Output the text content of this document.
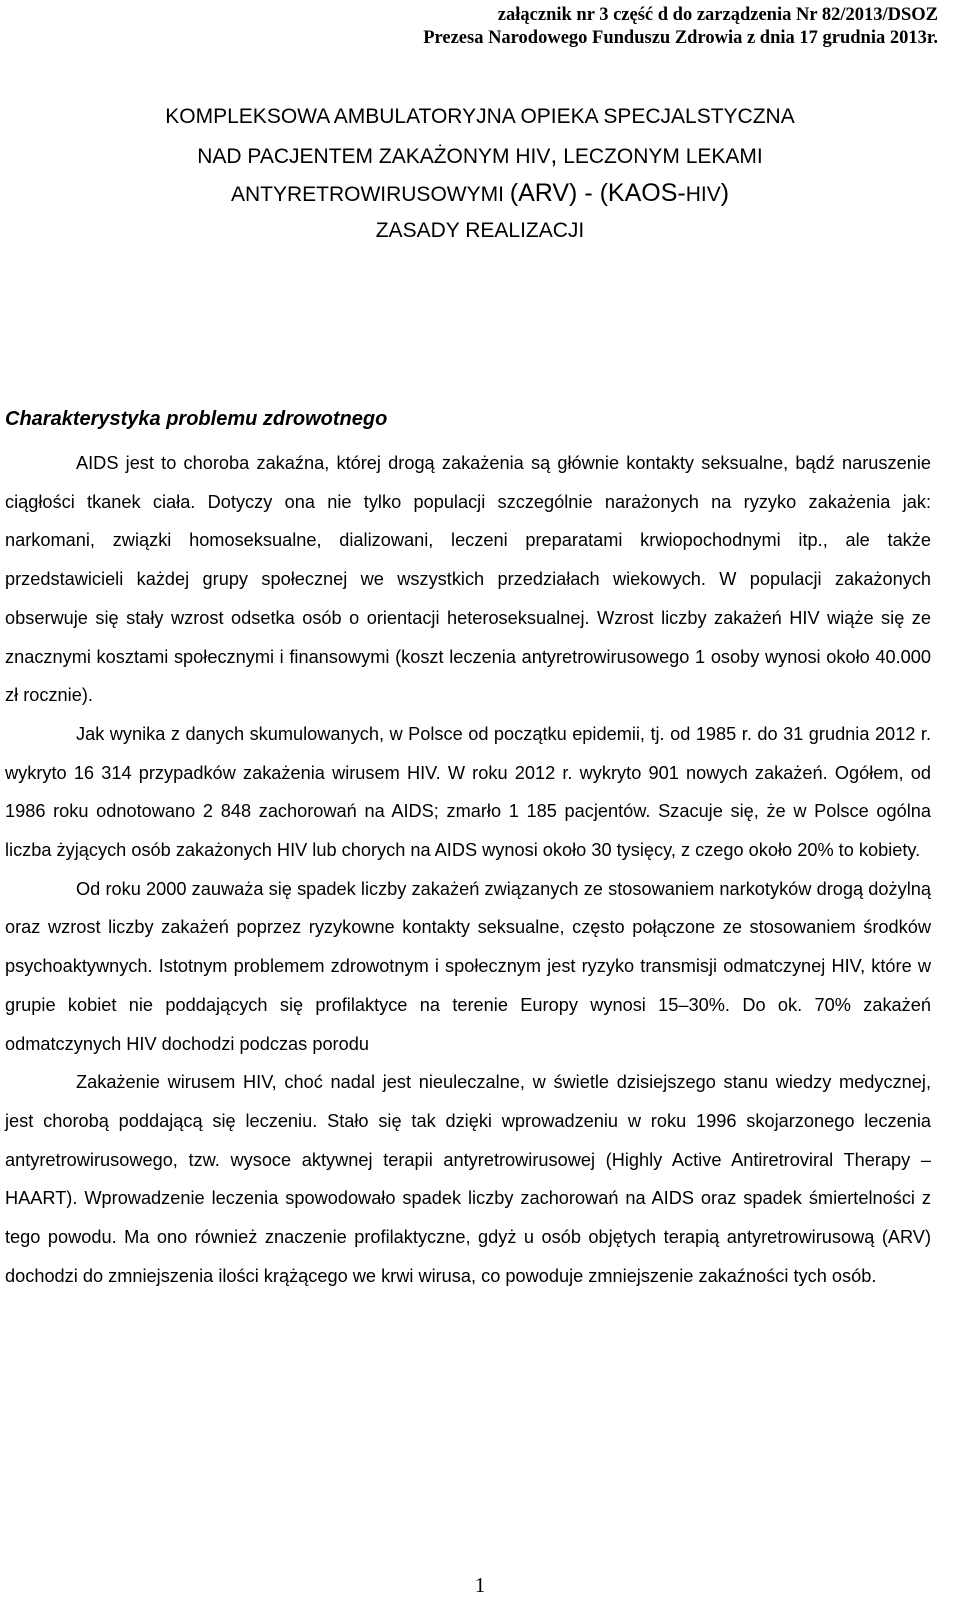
załącznik nr 3 część d do zarządzenia Nr 82/2013/DSOZ
Prezesa Narodowego Funduszu Zdrowia z dnia 17 grudnia 2013r.
KOMPLEKSOWA AMBULATORYJNA OPIEKA SPECJALSTYCZNA
NAD PACJENTEM ZAKAŻONYM HIV, LECZONYM LEKAMI
ANTYRETROWIRUSOWYMI (ARV) - (KAOS-HIV)
ZASADY REALIZACJI
Charakterystyka problemu zdrowotnego

AIDS jest to choroba zakaźna, której drogą zakażenia są głównie kontakty seksualne, bądź naruszenie ciągłości tkanek ciała. Dotyczy ona nie tylko populacji szczególnie narażonych na ryzyko zakażenia jak: narkomani, związki homoseksualne, dializowani, leczeni preparatami krwiopochodnymi itp., ale także przedstawicieli każdej grupy społecznej we wszystkich przedziałach wiekowych. W populacji zakażonych obserwuje się stały wzrost odsetka osób o orientacji heteroseksualnej. Wzrost liczby zakażeń HIV wiąże się ze znacznymi kosztami społecznymi i finansowymi (koszt leczenia antyretrowirusowego 1 osoby wynosi około 40.000 zł rocznie).

Jak wynika z danych skumulowanych, w Polsce od początku epidemii, tj. od 1985 r. do 31 grudnia 2012 r. wykryto 16 314 przypadków zakażenia wirusem HIV. W roku 2012 r. wykryto 901 nowych zakażeń. Ogółem, od 1986 roku odnotowano 2 848 zachorowań na AIDS; zmarło 1 185 pacjentów. Szacuje się, że w Polsce ogólna liczba żyjących osób zakażonych HIV lub chorych na AIDS wynosi około 30 tysięcy, z czego około 20% to kobiety.

Od roku 2000 zauważa się spadek liczby zakażeń związanych ze stosowaniem narkotyków drogą dożylną oraz wzrost liczby zakażeń poprzez ryzykowne kontakty seksualne, często połączone ze stosowaniem środków psychoaktywnych. Istotnym problemem zdrowotnym i społecznym jest ryzyko transmisji odmatczynej HIV, które w grupie kobiet nie poddających się profilaktyce na terenie Europy wynosi 15–30%. Do ok. 70% zakażeń odmatczynych HIV dochodzi podczas porodu

Zakażenie wirusem HIV, choć nadal jest nieuleczalne, w świetle dzisiejszego stanu wiedzy medycznej, jest chorobą poddającą się leczeniu. Stało się tak dzięki wprowadzeniu w roku 1996 skojarzonego leczenia antyretrowirusowego, tzw. wysoce aktywnej terapii antyretrowirusowej (Highly Active Antiretroviral Therapy – HAART). Wprowadzenie leczenia spowodowało spadek liczby zachorowań na AIDS oraz spadek śmiertelności z tego powodu. Ma ono również znaczenie profilaktyczne, gdyż u osób objętych terapią antyretrowirusową (ARV) dochodzi do zmniejszenia ilości krążącego we krwi wirusa, co powoduje zmniejszenie zakaźności tych osób.

1
